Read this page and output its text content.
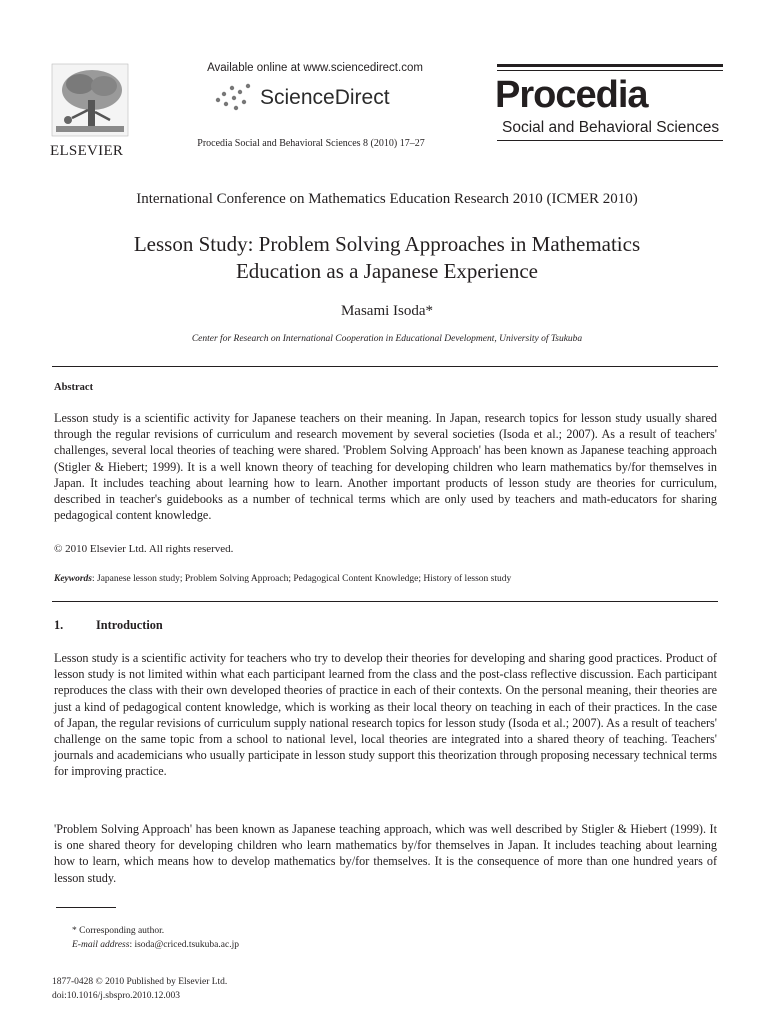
ELSEVIER
Available online at www.sciencedirect.com
ScienceDirect
Procedia Social and Behavioral Sciences 8 (2010) 17–27
Procedia
Social and Behavioral Sciences
International Conference on Mathematics Education Research 2010 (ICMER 2010)
Lesson Study: Problem Solving Approaches in Mathematics
Education as a Japanese Experience
Masami Isoda*
Center for Research on International Cooperation in Educational Development, University of Tsukuba
Abstract
Lesson study is a scientific activity for Japanese teachers on their meaning. In Japan, research topics for lesson study usually shared through the regular revisions of curriculum and research movement by several societies (Isoda et al.; 2007). As a result of teachers' challenges, several local theories of teaching were shared. 'Problem Solving Approach' has been known as Japanese teaching approach (Stigler & Hiebert; 1999). It is a well known theory of teaching for developing children who learn mathematics by/for themselves in Japan. It includes teaching about learning how to learn. Another important products of lesson study are theories for curriculum, described in teacher's guidebooks as a number of technical terms which are only used by teachers and math-educators for sharing pedagogical content knowledge.
© 2010 Elsevier Ltd. All rights reserved.
Keywords: Japanese lesson study; Problem Solving Approach; Pedagogical Content Knowledge; History of lesson study
1.	Introduction
Lesson study is a scientific activity for teachers who try to develop their theories for developing and sharing good practices. Product of lesson study is not limited within what each participant learned from the class and the post-class reflective discussion. Each participant reproduces the class with their own developed theories of practice in each of their contexts. On the personal meaning, their theories are just a kind of pedagogical content knowledge, which is working as their local theory on teaching in each of their practices. In the case of Japan, the regular revisions of curriculum supply national research topics for lesson study (Isoda et al.; 2007). As a result of teachers' challenge on the same topic from a school to national level, local theories are integrated into a shared theory of teaching. Teachers' journals and academicians who usually participate in lesson study support this theorization through proposing necessary technical terms for improving practice.
'Problem Solving Approach' has been known as Japanese teaching approach, which was well described by Stigler & Hiebert (1999). It is one shared theory for developing children who learn mathematics by/for themselves in Japan. It includes teaching about learning how to learn, which means how to develop mathematics by/for themselves. It is the consequence of more than one hundred years of lesson study.
* Corresponding author.
E-mail address: isoda@criced.tsukuba.ac.jp
1877-0428 © 2010 Published by Elsevier Ltd.
doi:10.1016/j.sbspro.2010.12.003
